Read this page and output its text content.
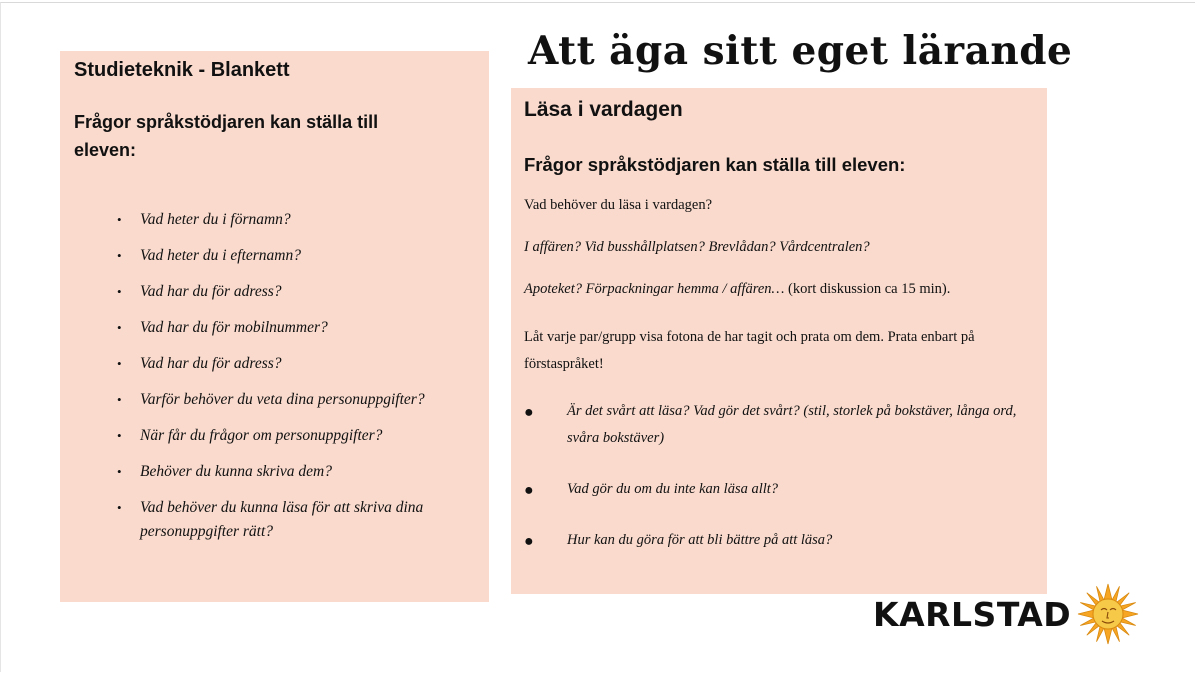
Att äga sitt eget lärande

Studieteknik - Blankett

Frågor språkstödjaren kan ställa till
eleven:

• Vad heter du i förnamn?
• Vad heter du i efternamn?
• Vad har du för adress?
• Vad har du för mobilnummer?
• Vad har du för adress?
• Varför behöver du veta dina personuppgifter?
• När får du frågor om personuppgifter?
• Behöver du kunna skriva dem?
• Vad behöver du kunna läsa för att skriva dina personuppgifter rätt?

Läsa i vardagen

Frågor språkstödjaren kan ställa till eleven:

Vad behöver du läsa i vardagen?

I affären? Vid busshållplatsen? Brevlådan? Vårdcentralen?

Apoteket? Förpackningar hemma / affären… (kort diskussion ca 15 min).

Låt varje par/grupp visa fotona de har tagit och prata om dem. Prata enbart på förstaspråket!

● Är det svårt att läsa? Vad gör det svårt? (stil, storlek på bokstäver, långa ord, svåra bokstäver)
● Vad gör du om du inte kan läsa allt?
● Hur kan du göra för att bli bättre på att läsa?
KARLSTAD
